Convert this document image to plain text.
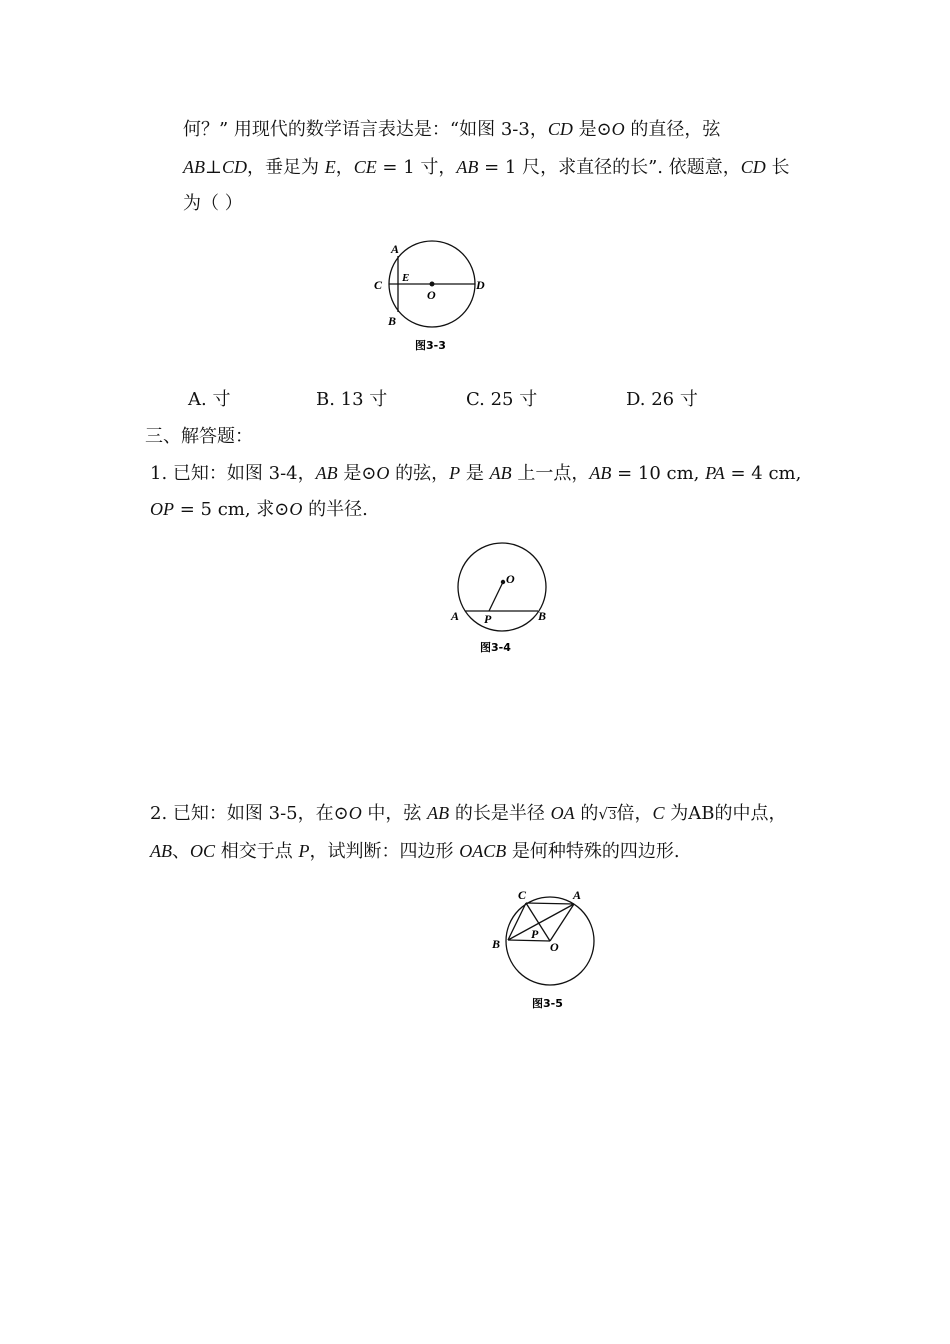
何？” 用现代的数学语言表达是：“如图 3-3，CD 是⊙O 的直径，弦
AB⊥CD，垂足为 E，CE = 1 寸，AB = 1 尺，求直径的长”. 依题意，CD 长
为（ ）
A
C E
O
D
B
图3-3
A. 寸	B. 13 寸	C. 25 寸	D. 26 寸
三、解答题：
1. 已知：如图 3-4，AB 是⊙O 的弦，P 是 AB 上一点，AB = 10 cm, PA = 4 cm,
OP = 5 cm, 求⊙O 的半径.
O
A P	B
图3-4
2. 已知：如图 3-5，在⊙O 中，弦 AB 的长是半径 OA 的√3倍，C 为AB的中点，
AB、OC 相交于点 P，试判断：四边形 OACB 是何种特殊的四边形.
C	A
B
P
O
图3-5
